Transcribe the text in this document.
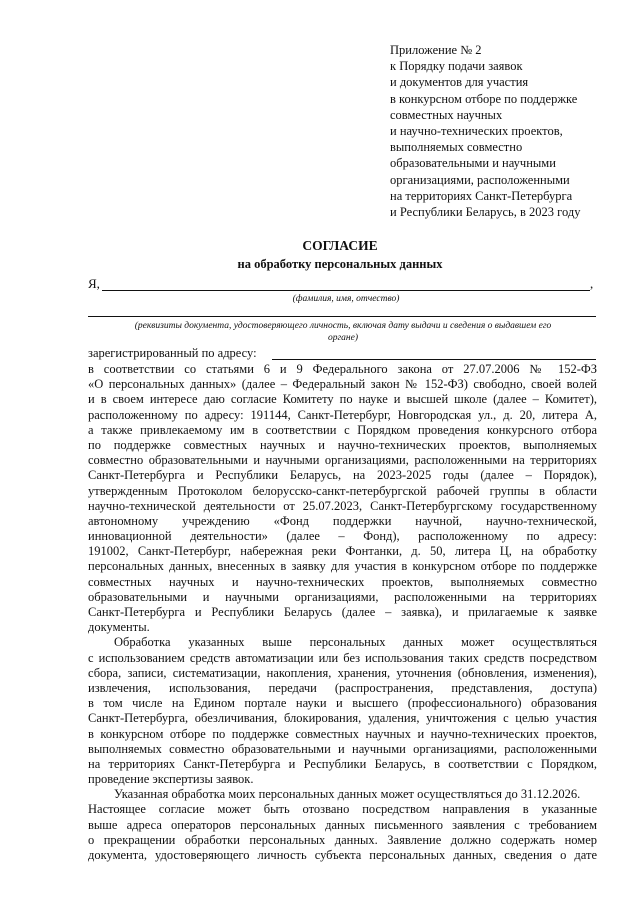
Приложение № 2
к Порядку подачи заявок
и документов для участия
в конкурсном отборе по поддержке
совместных научных
и научно-технических проектов,
выполняемых совместно
образовательными и научными
организациями, расположенными
на территориях Санкт-Петербурга
и Республики Беларусь, в 2023 году
СОГЛАСИЕ
на обработку персональных данных
Я,	,
(фамилия, имя, отчество)
(реквизиты документа, удостоверяющего личность, включая дату выдачи и сведения о выдавшем его
органе)
зарегистрированный по адресу:
в соответствии со статьями 6 и 9 Федерального закона от 27.07.2006 № 152-ФЗ
«О персональных данных» (далее – Федеральный закон № 152-ФЗ) свободно, своей волей
и в своем интересе даю согласие Комитету по науке и высшей школе (далее – Комитет),
расположенному по адресу: 191144, Санкт-Петербург, Новгородская ул., д. 20, литера А,
а также привлекаемому им в соответствии с Порядком проведения конкурсного отбора
по поддержке совместных научных и научно-технических проектов, выполняемых
совместно образовательными и научными организациями, расположенными на территориях
Санкт-Петербурга и Республики Беларусь, на 2023-2025 годы (далее – Порядок),
утвержденным Протоколом белорусско-санкт-петербургской рабочей группы в области
научно-технической деятельности от 25.07.2023, Санкт-Петербургскому государственному
автономному учреждению «Фонд поддержки научной, научно-технической,
инновационной деятельности» (далее – Фонд), расположенному по адресу:
191002, Санкт-Петербург, набережная реки Фонтанки, д. 50, литера Ц, на обработку
персональных данных, внесенных в заявку для участия в конкурсном отборе по поддержке
совместных научных и научно-технических проектов, выполняемых совместно
образовательными и научными организациями, расположенными на территориях
Санкт-Петербурга и Республики Беларусь (далее – заявка), и прилагаемые к заявке
документы.
Обработка указанных выше персональных данных может осуществляться
с использованием средств автоматизации или без использования таких средств посредством
сбора, записи, систематизации, накопления, хранения, уточнения (обновления, изменения),
извлечения, использования, передачи (распространения, представления, доступа)
в том числе на Едином портале науки и высшего (профессионального) образования
Санкт-Петербурга, обезличивания, блокирования, удаления, уничтожения с целью участия
в конкурсном отборе по поддержке совместных научных и научно-технических проектов,
выполняемых совместно образовательными и научными организациями, расположенными
на территориях Санкт-Петербурга и Республики Беларусь, в соответствии с Порядком,
проведение экспертизы заявок.
Указанная обработка моих персональных данных может осуществляться до 31.12.2026.
Настоящее согласие может быть отозвано посредством направления в указанные
выше адреса операторов персональных данных письменного заявления с требованием
о прекращении обработки персональных данных. Заявление должно содержать номер
документа, удостоверяющего личность субъекта персональных данных, сведения о дате
